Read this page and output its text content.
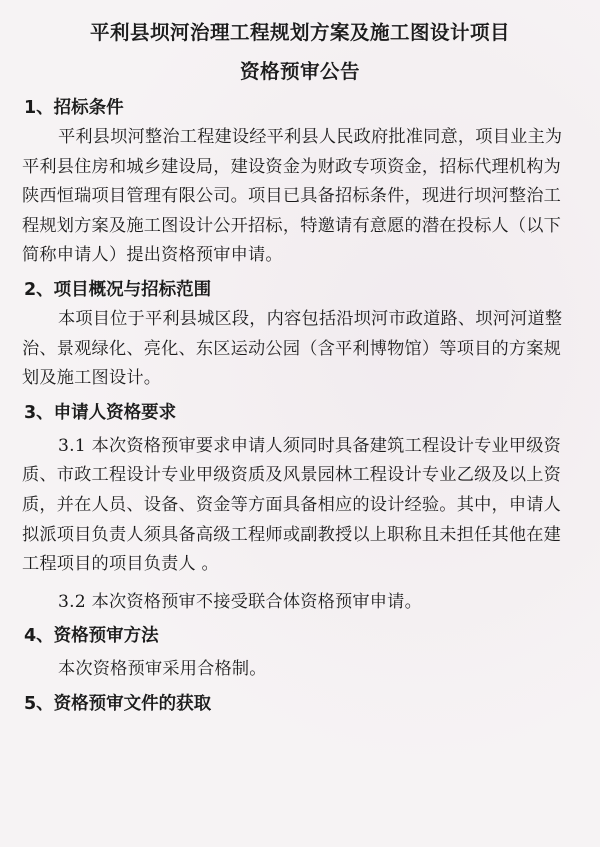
平利县坝河治理工程规划方案及施工图设计项目
资格预审公告
1、招标条件

平利县坝河整治工程建设经平利县人民政府批准同意，项目业主为平利县住房和城乡建设局，建设资金为财政专项资金，招标代理机构为陕西恒瑞项目管理有限公司。项目已具备招标条件，现进行坝河整治工程规划方案及施工图设计公开招标，特邀请有意愿的潜在投标人（以下简称申请人）提出资格预审申请。

2、项目概况与招标范围

本项目位于平利县城区段，内容包括沿坝河市政道路、坝河河道整治、景观绿化、亮化、东区运动公园（含平利博物馆）等项目的方案规划及施工图设计。

3、申请人资格要求

3.1 本次资格预审要求申请人须同时具备建筑工程设计专业甲级资质、市政工程设计专业甲级资质及风景园林工程设计专业乙级及以上资质，并在人员、设备、资金等方面具备相应的设计经验。其中，申请人拟派项目负责人须具备高级工程师或副教授以上职称且未担任其他在建工程项目的项目负责人 。

3.2 本次资格预审不接受联合体资格预审申请。

4、资格预审方法

本次资格预审采用合格制。

5、资格预审文件的获取
